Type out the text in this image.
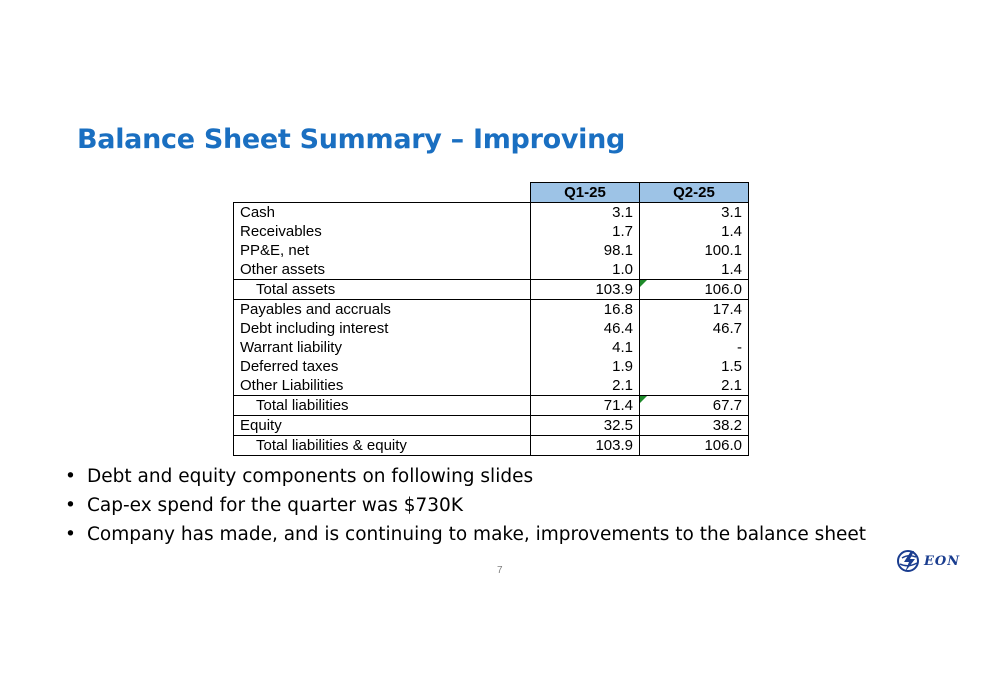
Balance Sheet Summary – Improving
	Q1-25	Q2-25
Cash	3.1	3.1
Receivables	1.7	1.4
PP&E, net	98.1	100.1
Other assets	1.0	1.4
Total assets	103.9	106.0
Payables and accruals	16.8	17.4
Debt including interest	46.4	46.7
Warrant liability	4.1	-
Deferred taxes	1.9	1.5
Other Liabilities	2.1	2.1
Total liabilities	71.4	67.7
Equity	32.5	38.2
Total liabilities & equity	103.9	106.0
• Debt and equity components on following slides
• Cap-ex spend for the quarter was $730K
• Company has made, and is continuing to make, improvements to the balance sheet
7
EON
